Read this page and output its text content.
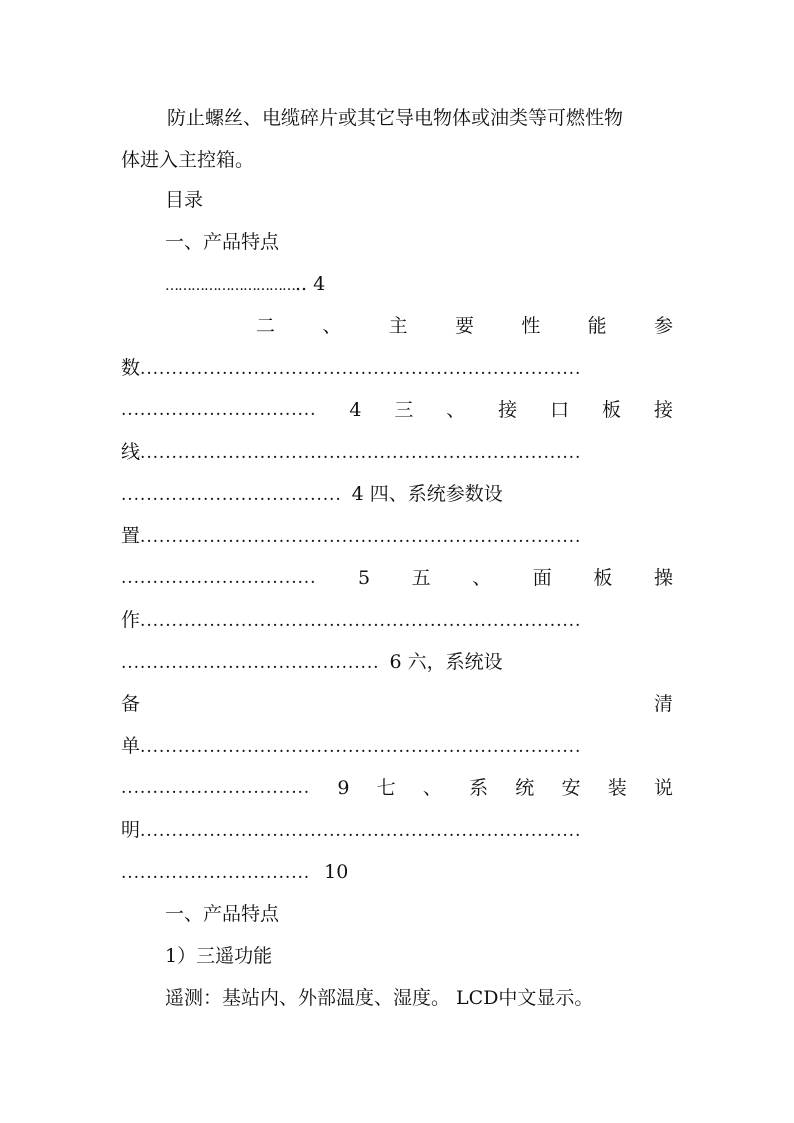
防止螺丝、电缆碎片或其它导电物体或油类等可燃性物
体进入主控箱。
目录
一、产品特点
………………………….. 4
二 、 主 要 性 能 参
数......................................................................
............................... 4 三 、 接 口 板 接
线......................................................................
................................... 4 四、系统参数设
置......................................................................
............................... 5 五 、 面 板 操
作......................................................................
......................................... 6 六，系统设
备	清
单......................................................................
.............................. 9 七 、 系 统 安 装 说
明......................................................................
.............................. 10
一、产品特点
1）三遥功能
遥测：基站内、外部温度、湿度。 LCD中文显示。
